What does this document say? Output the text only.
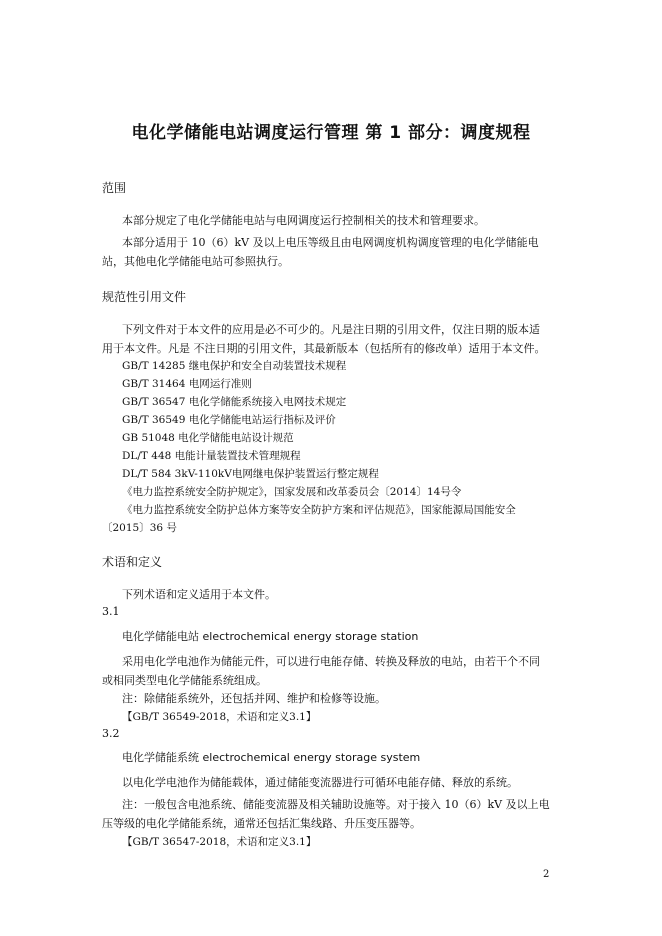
电化学储能电站调度运行管理 第 1 部分：调度规程
范围
本部分规定了电化学储能电站与电网调度运行控制相关的技术和管理要求。
本部分适用于 10（6）kV 及以上电压等级且由电网调度机构调度管理的电化学储能电
站，其他电化学储能电站可参照执行。
规范性引用文件
下列文件对于本文件的应用是必不可少的。凡是注日期的引用文件，仅注日期的版本适
用于本文件。凡是 不注日期的引用文件，其最新版本（包括所有的修改单）适用于本文件。
GB/T 14285 继电保护和安全自动装置技术规程
GB/T 31464 电网运行准则
GB/T 36547 电化学储能系统接入电网技术规定
GB/T 36549 电化学储能电站运行指标及评价
GB 51048 电化学储能电站设计规范
DL/T 448 电能计量装置技术管理规程
DL/T 584 3kV-110kV电网继电保护装置运行整定规程
《电力监控系统安全防护规定》，国家发展和改革委员会〔2014〕14号令
《电力监控系统安全防护总体方案等安全防护方案和评估规范》，国家能源局国能安全
〔2015〕36 号
术语和定义
下列术语和定义适用于本文件。
3.1
电化学储能电站 electrochemical energy storage station
采用电化学电池作为储能元件，可以进行电能存储、转换及释放的电站，由若干个不同
或相同类型电化学储能系统组成。
注：除储能系统外，还包括并网、维护和检修等设施。
【GB/T 36549-2018，术语和定义3.1】
3.2
电化学储能系统 electrochemical energy storage system
以电化学电池作为储能载体，通过储能变流器进行可循环电能存储、释放的系统。
注：一般包含电池系统、储能变流器及相关辅助设施等。对于接入 10（6）kV 及以上电
压等级的电化学储能系统，通常还包括汇集线路、升压变压器等。
【GB/T 36547-2018，术语和定义3.1】
2
